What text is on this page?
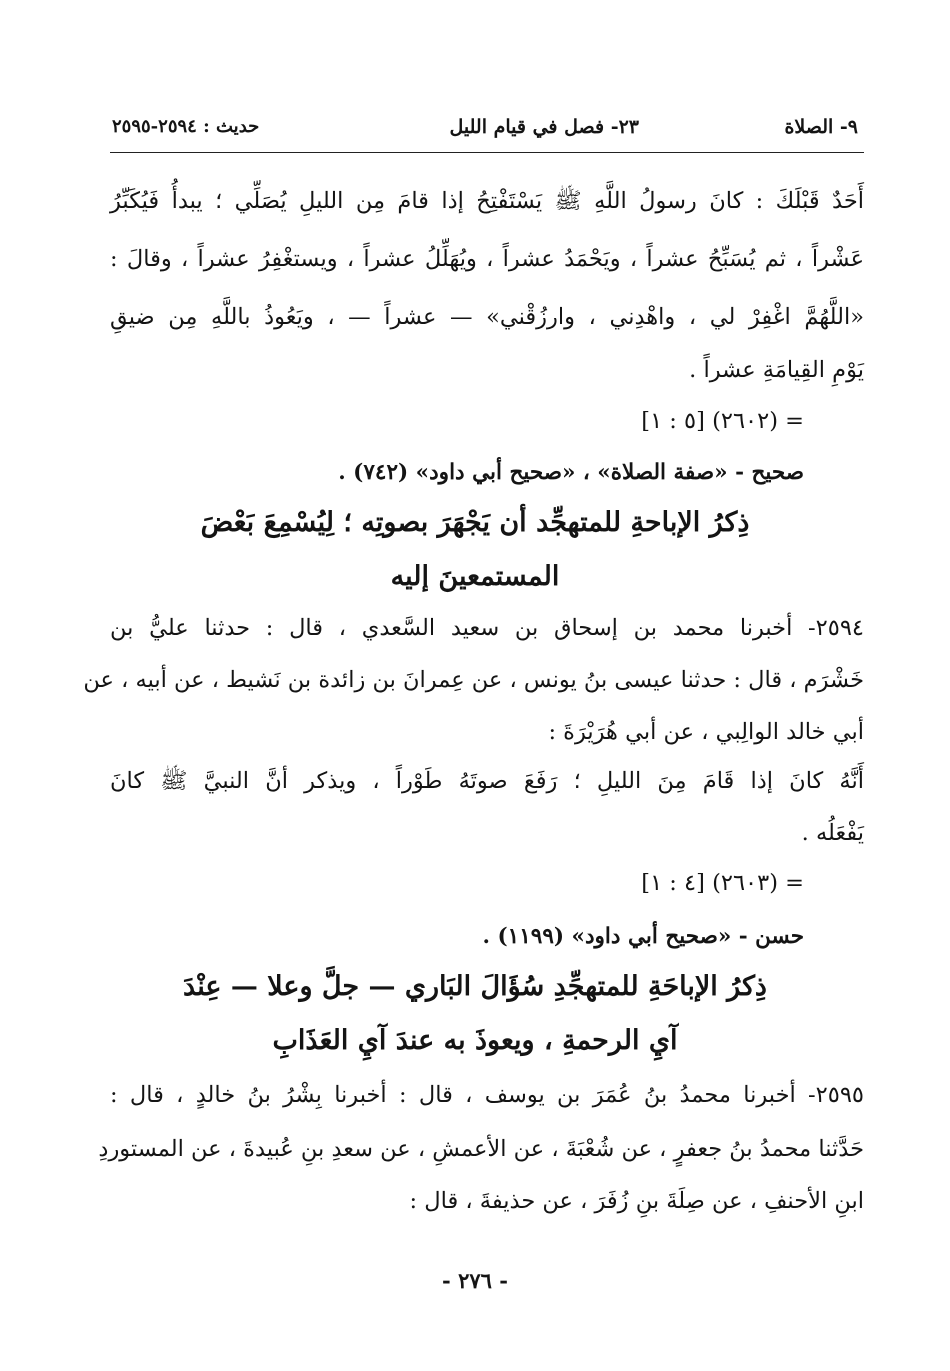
٩- الصلاة
٢٣- فصل في قيام الليل
حديث : ٢٥٩٤-٢٥٩٥
أَحَدٌ قَبْلَكَ : كانَ رسولُ اللَّهِ ﷺ يَسْتَفْتِحُ إذا قامَ مِن الليلِ يُصَلِّي ؛ يبدأُ فَيُكَبِّرُ
عَشْراً ، ثم يُسَبِّحُ عشراً ، ويَحْمَدُ عشراً ، ويُهَلِّلُ عشراً ، ويستغْفِرُ عشراً ، وقالَ :
«اللَّهُمَّ اغْفِرْ لي ، واهْدِني ، وارزُقْني» — عشراً — ، ويَعُوذُ باللَّهِ مِن ضيقِ
يَوْمِ القِيامَةِ عشراً .
= (٢٦٠٢) [٥ : ١]
صحيح - «صفة الصلاة» ، «صحيح أبي داود» (٧٤٢) .
ذِكرُ الإباحةِ للمتهجِّد أن يَجْهَرَ بصوتِه ؛ لِيُسْمِعَ بَعْضَ
المستمعينَ إليه
٢٥٩٤- أخبرنا محمد بن إسحاق بن سعيد السَّعدي ، قال : حدثنا عليُّ بن
خَشْرَم ، قال : حدثنا عيسى بنُ يونس ، عن عِمرانَ بن زائدة بن نَشيط ، عن أبيه ، عن
أبي خالد الوالِبي ، عن أبي هُرَيْرَةَ :
أَنَّهُ كانَ إذا قَامَ مِنَ الليلِ ؛ رَفَعَ صوتَهُ طَوْراً ، ويذكر أنَّ النبيَّ ﷺ كانَ
يَفْعَلُه .
= (٢٦٠٣) [٤ : ١]
حسن - «صحيح أبي داود» (١١٩٩) .
ذِكرُ الإباحَةِ للمتهجِّدِ سُؤَالَ البَاري — جلَّ وعلا — عِنْدَ
آيِ الرحمةِ ، ويعوذَ به عندَ آيِ العَذَابِ
٢٥٩٥- أخبرنا محمدُ بنُ عُمَرَ بن يوسف ، قال : أخبرنا بِشْرُ بنُ خالدٍ ، قال :
حَدَّثنا محمدُ بنُ جعفرٍ ، عن شُعْبَةَ ، عن الأعمشِ ، عن سعدِ بنِ عُبيدةَ ، عن المستوردِ
ابنِ الأحنفِ ، عن صِلَةَ بنِ زُفَرَ ، عن حذيفةَ ، قال :
- ٢٧٦ -
